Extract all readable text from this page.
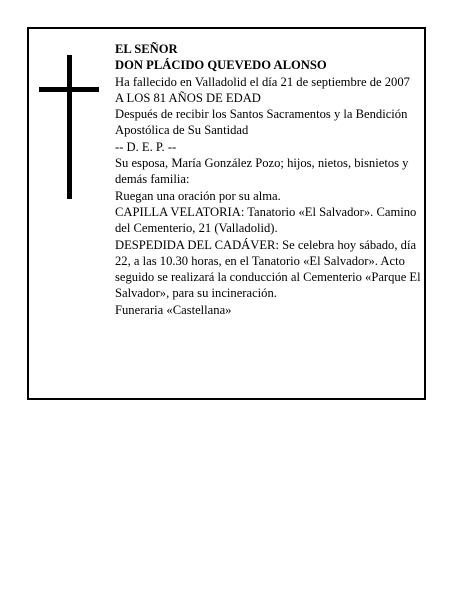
EL SEÑOR

DON PLÁCIDO QUEVEDO ALONSO

Ha fallecido en Valladolid el día 21 de septiembre de 2007

A LOS 81 AÑOS DE EDAD

Después de recibir los Santos Sacramentos y la Bendición Apostólica de Su Santidad

-- D. E. P. --

Su esposa, María González Pozo; hijos, nietos, bisnietos y demás familia:

Ruegan una oración por su alma.

CAPILLA VELATORIA: Tanatorio «El Salvador». Camino del Cementerio, 21 (Valladolid).

DESPEDIDA DEL CADÁVER: Se celebra hoy sábado, día 22, a las 10.30 horas, en el Tanatorio «El Salvador». Acto seguido se realizará la conducción al Cementerio «Parque El Salvador», para su incineración.

Funeraria «Castellana»
